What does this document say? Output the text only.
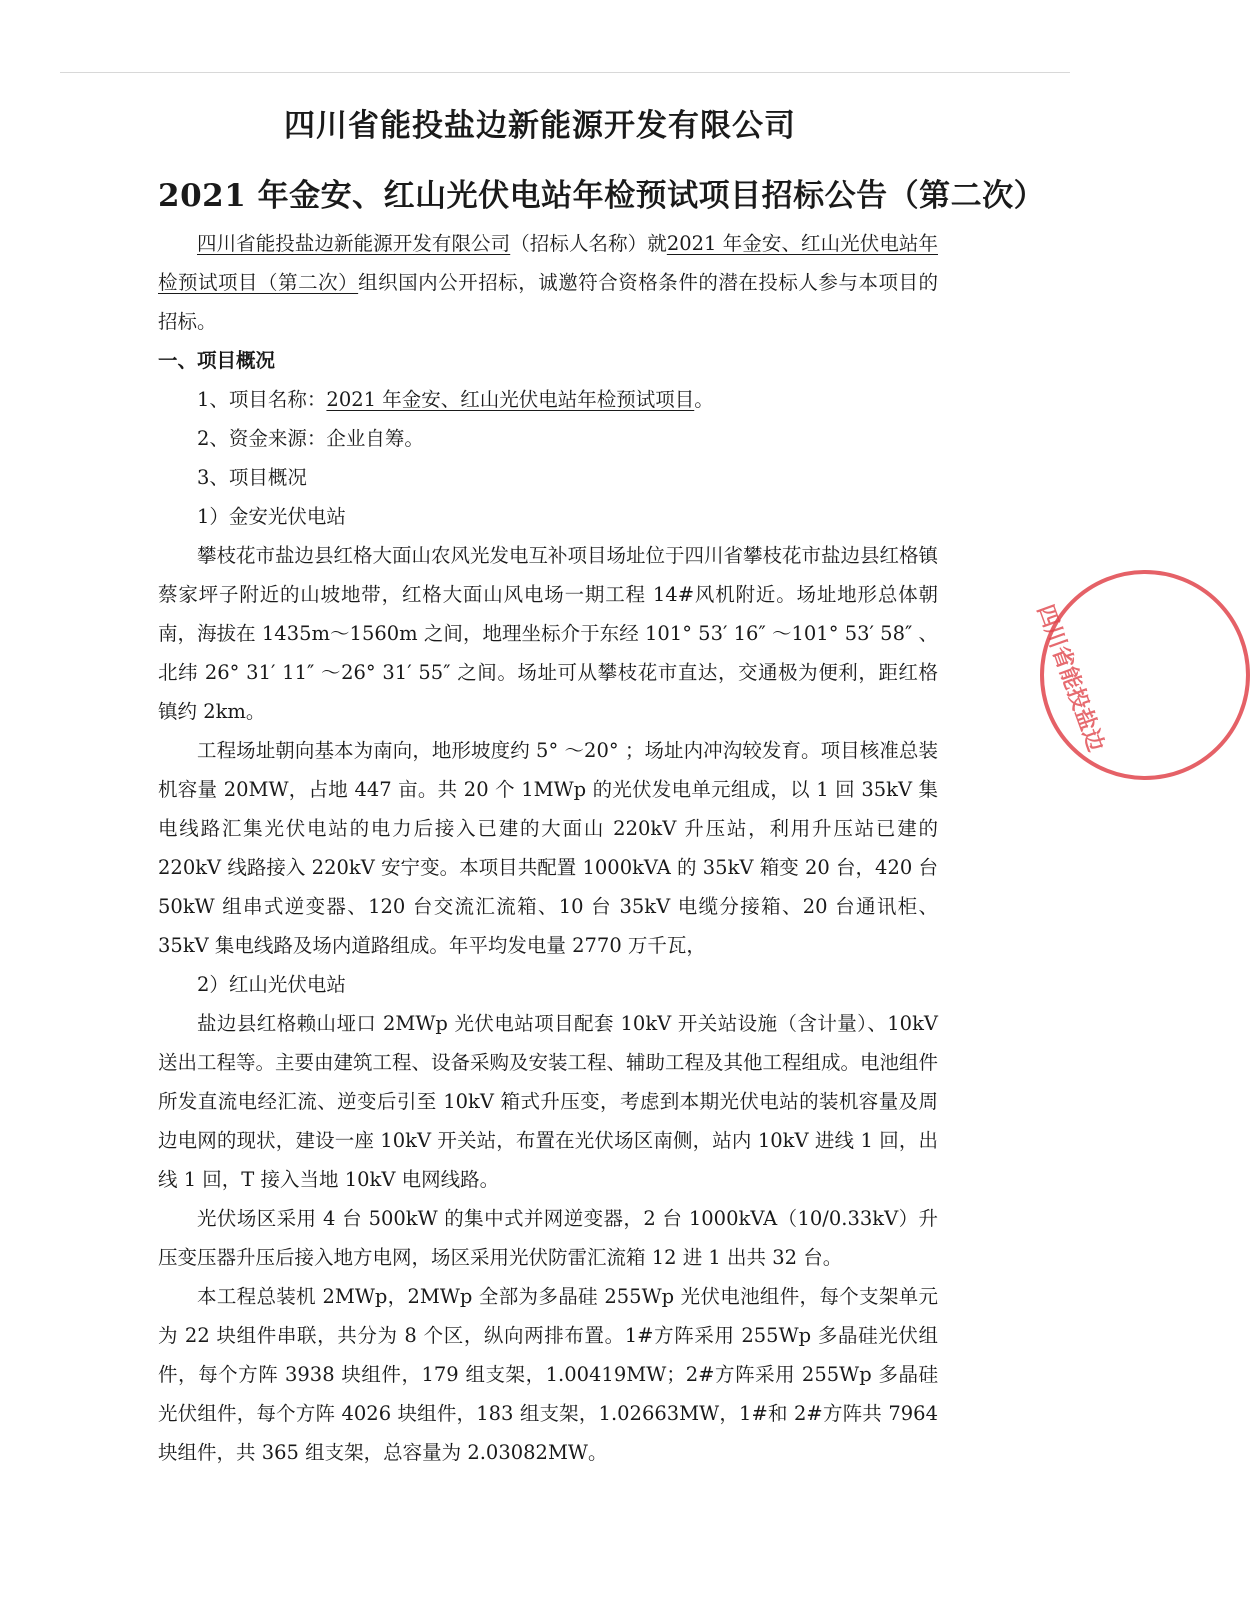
四川省能投盐边新能源开发有限公司
2021 年金安、红山光伏电站年检预试项目招标公告（第二次）

四川省能投盐边新能源开发有限公司（招标人名称）就2021 年金安、红山光伏电站年检预试项目（第二次）组织国内公开招标，诚邀符合资格条件的潜在投标人参与本项目的招标。

一、项目概况

1、项目名称：2021 年金安、红山光伏电站年检预试项目。

2、资金来源：企业自筹。

3、项目概况

1）金安光伏电站

攀枝花市盐边县红格大面山农风光发电互补项目场址位于四川省攀枝花市盐边县红格镇蔡家坪子附近的山坡地带，红格大面山风电场一期工程 14#风机附近。场址地形总体朝南，海拔在 1435m～1560m 之间，地理坐标介于东经 101° 53′ 16″ ～101° 53′ 58″ 、北纬 26° 31′ 11″ ～26° 31′ 55″ 之间。场址可从攀枝花市直达，交通极为便利，距红格镇约 2km。

工程场址朝向基本为南向，地形坡度约 5° ～20° ；场址内冲沟较发育。项目核准总装机容量 20MW，占地 447 亩。共 20 个 1MWp 的光伏发电单元组成，以 1 回 35kV 集电线路汇集光伏电站的电力后接入已建的大面山 220kV 升压站，利用升压站已建的 220kV 线路接入 220kV 安宁变。本项目共配置 1000kVA 的 35kV 箱变 20 台，420 台 50kW 组串式逆变器、120 台交流汇流箱、10 台 35kV 电缆分接箱、20 台通讯柜、35kV 集电线路及场内道路组成。年平均发电量 2770 万千瓦，

2）红山光伏电站

盐边县红格赖山垭口 2MWp 光伏电站项目配套 10kV 开关站设施（含计量）、10kV 送出工程等。主要由建筑工程、设备采购及安装工程、辅助工程及其他工程组成。电池组件所发直流电经汇流、逆变后引至 10kV 箱式升压变，考虑到本期光伏电站的装机容量及周边电网的现状，建设一座 10kV 开关站，布置在光伏场区南侧，站内 10kV 进线 1 回，出线 1 回，T 接入当地 10kV 电网线路。

光伏场区采用 4 台 500kW 的集中式并网逆变器，2 台 1000kVA（10/0.33kV）升压变压器升压后接入地方电网，场区采用光伏防雷汇流箱 12 进 1 出共 32 台。

本工程总装机 2MWp，2MWp 全部为多晶硅 255Wp 光伏电池组件，每个支架单元为 22 块组件串联，共分为 8 个区，纵向两排布置。1#方阵采用 255Wp 多晶硅光伏组件，每个方阵 3938 块组件，179 组支架，1.00419MW；2#方阵采用 255Wp 多晶硅光伏组件，每个方阵 4026 块组件，183 组支架，1.02663MW，1#和 2#方阵共 7964 块组件，共 365 组支架，总容量为 2.03082MW。

四川省能投盐边
